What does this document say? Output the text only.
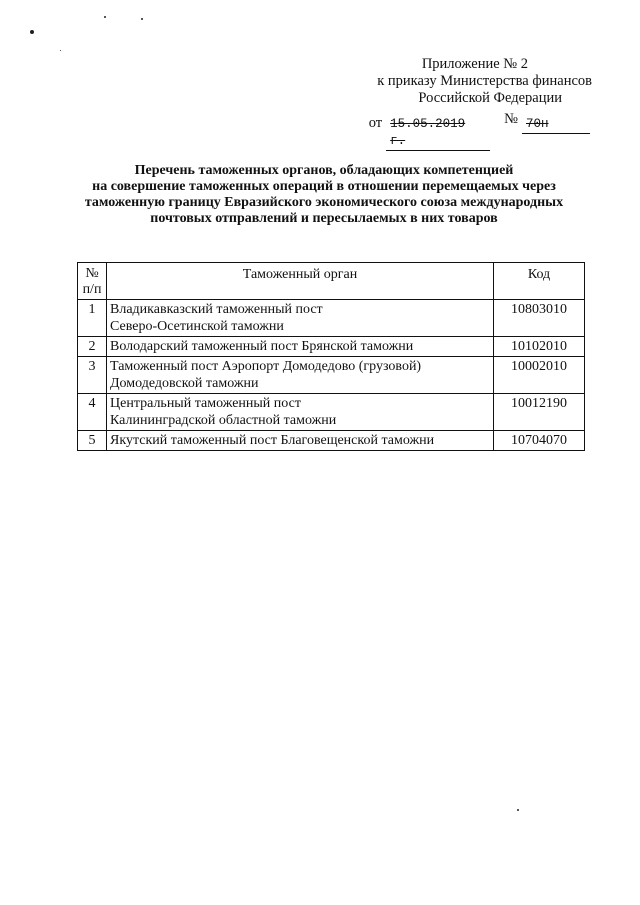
Приложение № 2
к приказу Министерства финансов
Российской Федерации
от 15.05.2019 г.
№ 70н
Перечень таможенных органов, обладающих компетенцией
на совершение таможенных операций в отношении перемещаемых через
таможенную границу Евразийского экономического союза международных
почтовых отправлений и пересылаемых в них товаров
№
п/п	Таможенный орган	Код
1	Владикавказский таможенный пост
Северо-Осетинской таможни	10803010
2	Володарский таможенный пост Брянской таможни	10102010
3	Таможенный пост Аэропорт Домодедово (грузовой)
Домодедовской таможни	10002010
4	Центральный таможенный пост
Калининградской областной таможни	10012190
5	Якутский таможенный пост Благовещенской таможни	10704070
